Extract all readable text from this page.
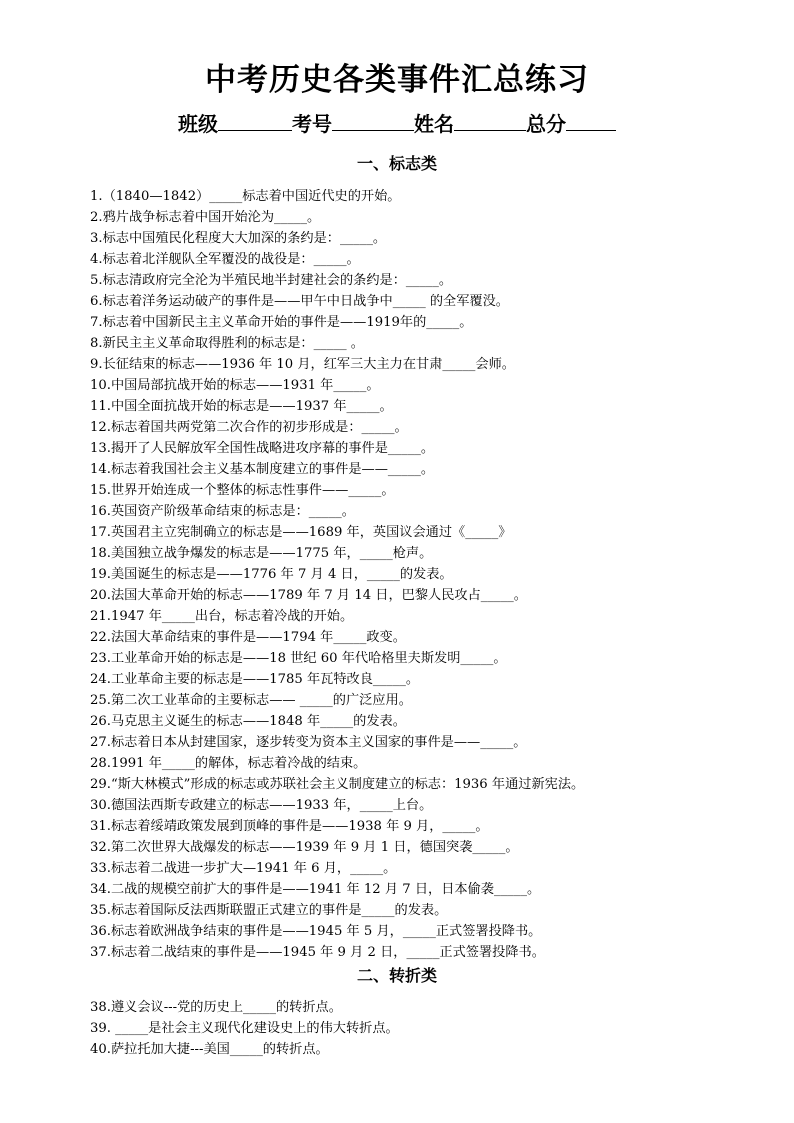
中考历史各类事件汇总练习
班级	考号	姓名	总分
一、标志类
1.（1840—1842）_____标志着中国近代史的开始。
2.鸦片战争标志着中国开始沦为_____。
3.标志中国殖民化程度大大加深的条约是：_____。
4.标志着北洋舰队全军覆没的战役是：_____。
5.标志清政府完全沦为半殖民地半封建社会的条约是：_____。
6.标志着洋务运动破产的事件是——甲午中日战争中_____ 的全军覆没。
7.标志着中国新民主主义革命开始的事件是——1919年的_____。
8.新民主主义革命取得胜利的标志是：_____ 。
9.长征结束的标志——1936 年 10 月，红军三大主力在甘肃_____会师。
10.中国局部抗战开始的标志——1931 年_____。
11.中国全面抗战开始的标志是——1937 年_____。
12.标志着国共两党第二次合作的初步形成是：_____。
13.揭开了人民解放军全国性战略进攻序幕的事件是_____。
14.标志着我国社会主义基本制度建立的事件是——_____。
15.世界开始连成一个整体的标志性事件——_____。
16.英国资产阶级革命结束的标志是：_____。
17.英国君主立宪制确立的标志是——1689 年，英国议会通过《_____》
18.美国独立战争爆发的标志是——1775 年，_____枪声。
19.美国诞生的标志是——1776 年 7 月 4 日，_____的发表。
20.法国大革命开始的标志——1789 年 7 月 14 日，巴黎人民攻占_____。
21.1947 年_____出台，标志着冷战的开始。
22.法国大革命结束的事件是——1794 年_____政变。
23.工业革命开始的标志是——18 世纪 60 年代哈格里夫斯发明_____。
24.工业革命主要的标志是——1785 年瓦特改良_____。
25.第二次工业革命的主要标志—— _____的广泛应用。
26.马克思主义诞生的标志——1848 年_____的发表。
27.标志着日本从封建国家，逐步转变为资本主义国家的事件是——_____。
28.1991 年_____的解体，标志着冷战的结束。
29.“斯大林模式”形成的标志或苏联社会主义制度建立的标志：1936 年通过新宪法。
30.德国法西斯专政建立的标志——1933 年，_____上台。
31.标志着绥靖政策发展到顶峰的事件是——1938 年 9 月，_____。
32.第二次世界大战爆发的标志——1939 年 9 月 1 日，德国突袭_____。
33.标志着二战进一步扩大—1941 年 6 月，_____。
34.二战的规模空前扩大的事件是——1941 年 12 月 7 日，日本偷袭_____。
35.标志着国际反法西斯联盟正式建立的事件是_____的发表。
36.标志着欧洲战争结束的事件是——1945 年 5 月，_____正式签署投降书。
37.标志着二战结束的事件是——1945 年 9 月 2 日，_____正式签署投降书。
二、转折类
38.遵义会议---党的历史上_____的转折点。
39. _____是社会主义现代化建设史上的伟大转折点。
40.萨拉托加大捷---美国_____的转折点。
